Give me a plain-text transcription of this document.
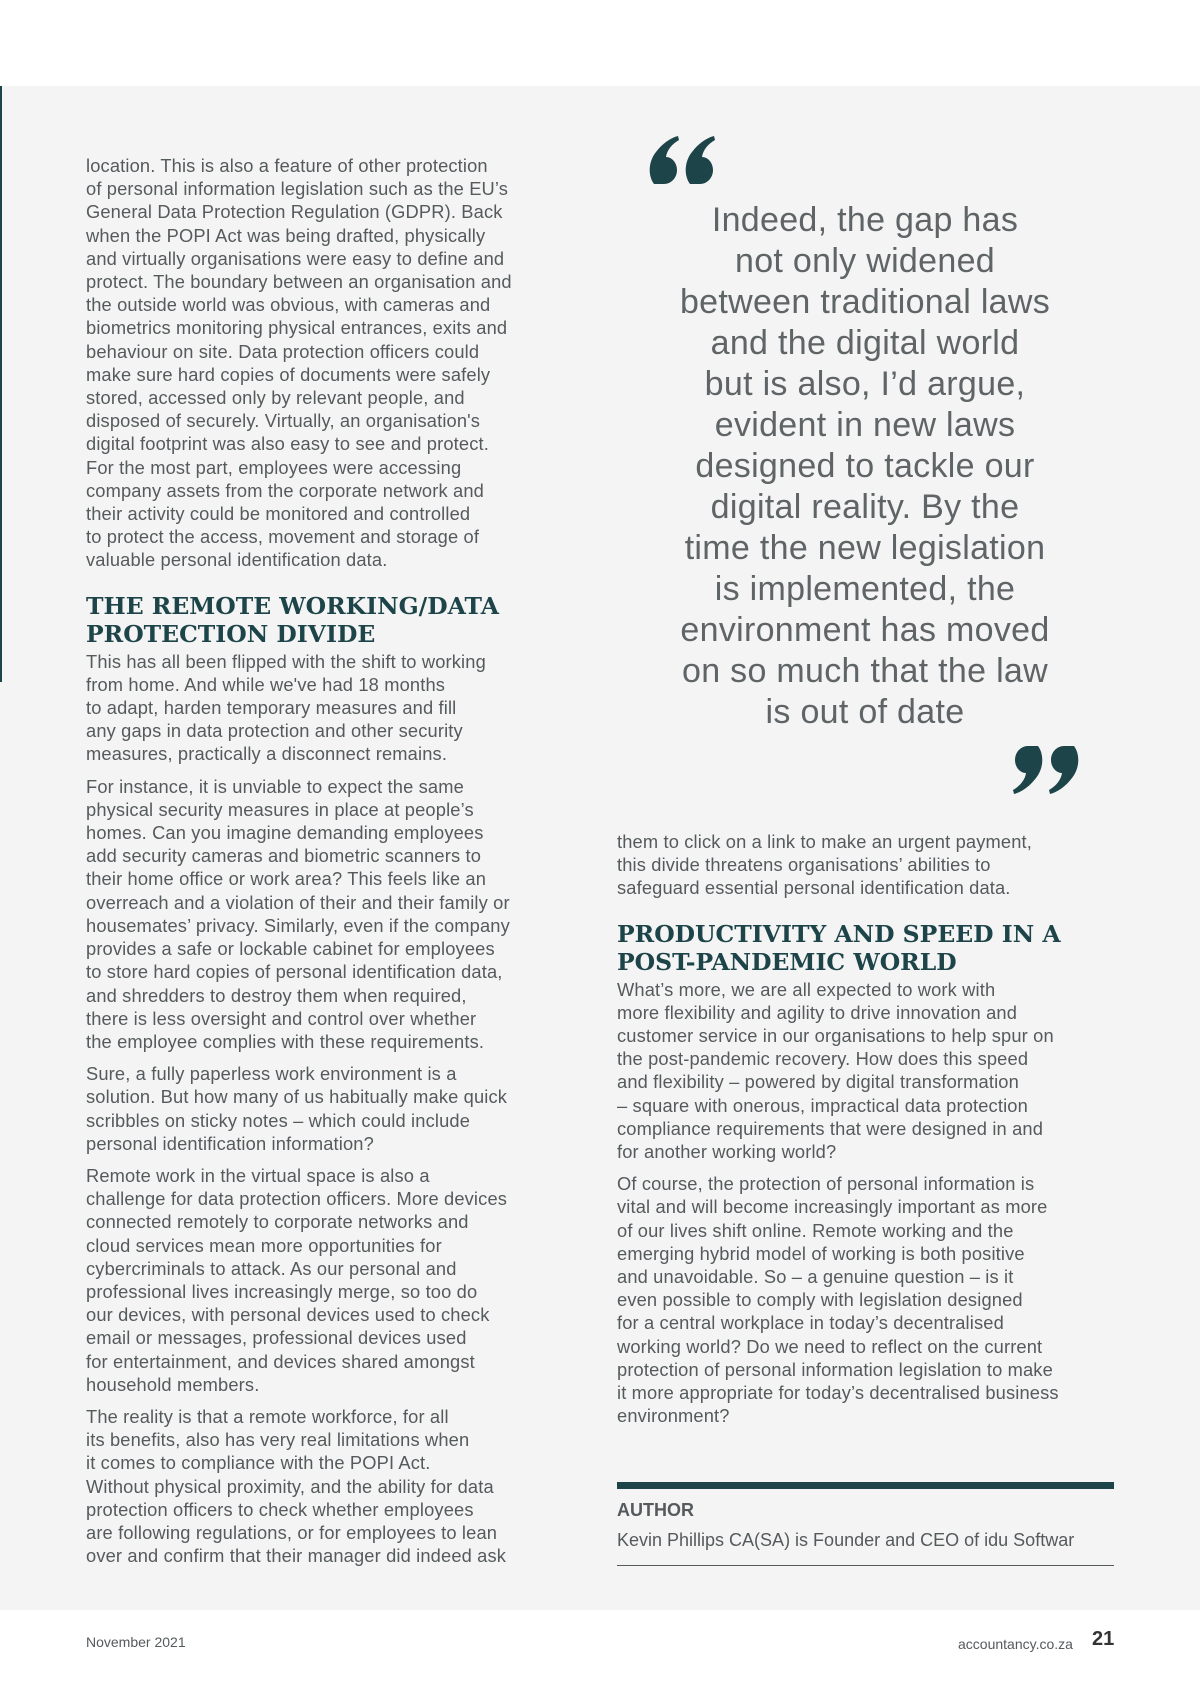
location. This is also a feature of other protection
of personal information legislation such as the EU’s
General Data Protection Regulation (GDPR). Back
when the POPI Act was being drafted, physically
and virtually organisations were easy to define and
protect. The boundary between an organisation and
the outside world was obvious, with cameras and
biometrics monitoring physical entrances, exits and
behaviour on site. Data protection officers could
make sure hard copies of documents were safely
stored, accessed only by relevant people, and
disposed of securely. Virtually, an organisation's
digital footprint was also easy to see and protect.
For the most part, employees were accessing
company assets from the corporate network and
their activity could be monitored and controlled
to protect the access, movement and storage of
valuable personal identification data.

THE REMOTE WORKING/DATA
PROTECTION DIVIDE

This has all been flipped with the shift to working
from home. And while we've had 18 months
to adapt, harden temporary measures and fill
any gaps in data protection and other security
measures, practically a disconnect remains.

For instance, it is unviable to expect the same
physical security measures in place at people’s
homes. Can you imagine demanding employees
add security cameras and biometric scanners to
their home office or work area? This feels like an
overreach and a violation of their and their family or
housemates’ privacy. Similarly, even if the company
provides a safe or lockable cabinet for employees
to store hard copies of personal identification data,
and shredders to destroy them when required,
there is less oversight and control over whether
the employee complies with these requirements.

Sure, a fully paperless work environment is a
solution. But how many of us habitually make quick
scribbles on sticky notes – which could include
personal identification information?

Remote work in the virtual space is also a
challenge for data protection officers. More devices
connected remotely to corporate networks and
cloud services mean more opportunities for
cybercriminals to attack. As our personal and
professional lives increasingly merge, so too do
our devices, with personal devices used to check
email or messages, professional devices used
for entertainment, and devices shared amongst
household members.

The reality is that a remote workforce, for all
its benefits, also has very real limitations when
it comes to compliance with the POPI Act.
Without physical proximity, and the ability for data
protection officers to check whether employees
are following regulations, or for employees to lean
over and confirm that their manager did indeed ask

Indeed, the gap has
not only widened
between traditional laws
and the digital world
but is also, I’d argue,
evident in new laws
designed to tackle our
digital reality. By the
time the new legislation
is implemented, the
environment has moved
on so much that the law
is out of date

them to click on a link to make an urgent payment,
this divide threatens organisations’ abilities to
safeguard essential personal identification data.

PRODUCTIVITY AND SPEED IN A
POST-PANDEMIC WORLD

What’s more, we are all expected to work with
more flexibility and agility to drive innovation and
customer service in our organisations to help spur on
the post-pandemic recovery. How does this speed
and flexibility – powered by digital transformation
– square with onerous, impractical data protection
compliance requirements that were designed in and
for another working world?

Of course, the protection of personal information is
vital and will become increasingly important as more
of our lives shift online. Remote working and the
emerging hybrid model of working is both positive
and unavoidable. So – a genuine question – is it
even possible to comply with legislation designed
for a central workplace in today’s decentralised
working world? Do we need to reflect on the current
protection of personal information legislation to make
it more appropriate for today’s decentralised business
environment?

AUTHOR
Kevin Phillips CA(SA) is Founder and CEO of idu Softwar
November 2021	accountancy.co.za 21
